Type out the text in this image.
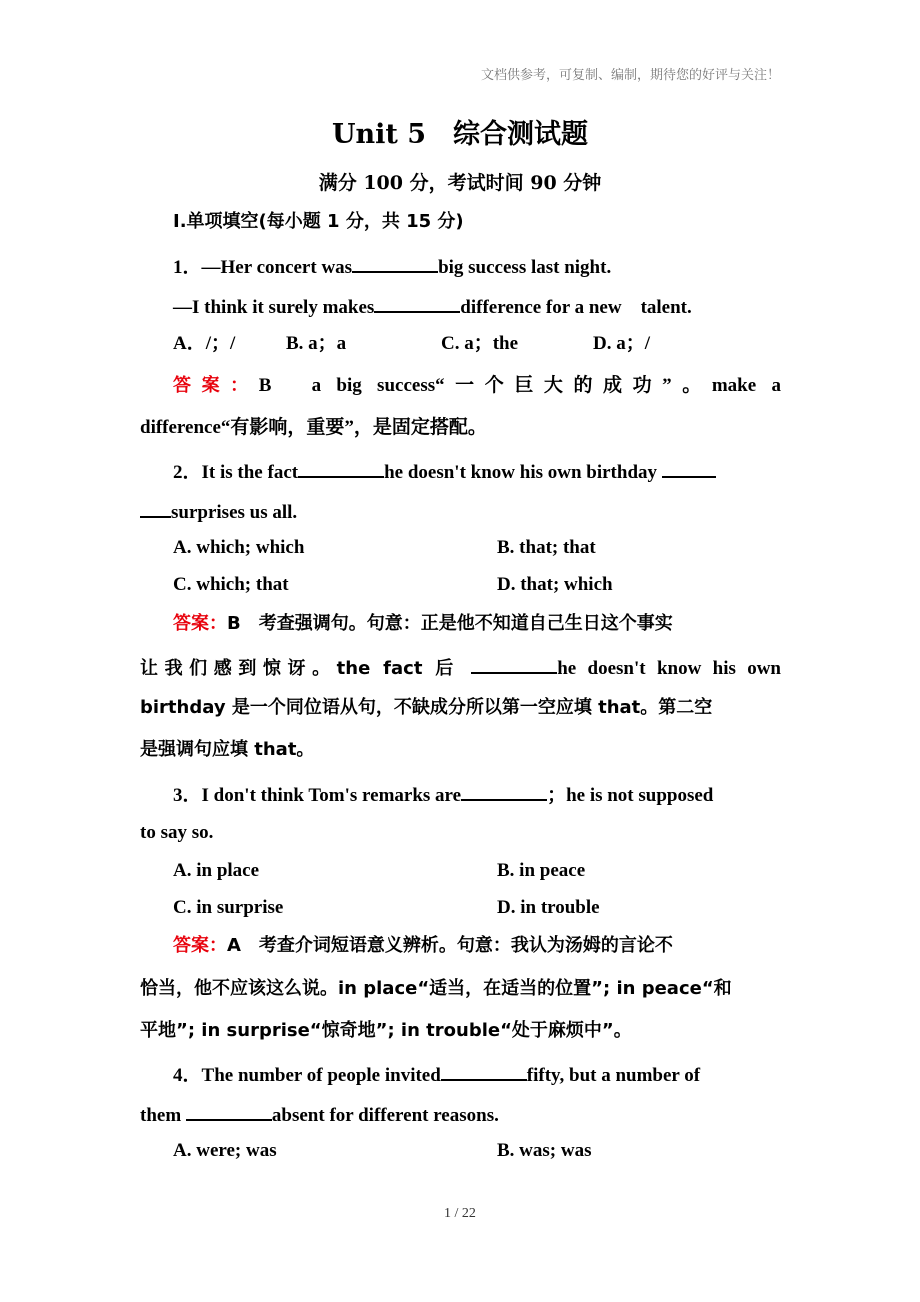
文档供参考，可复制、编制，期待您的好评与关注！
Unit 5　综合测试题
满分 100 分，考试时间 90 分钟
Ⅰ.单项填空(每小题 1 分，共 15 分)
1．—Her concert was	big success last night.
—I think it surely makes	difference for a new　talent.
A．/；/	B. a；a	C. a；the	D. a；/
答案：B　 a big success“一个巨大的成功”。make a
difference“有影响，重要”，是固定搭配。
2．It is the fact	he doesn't know his own birthday
surprises us all.
A. which; which	B. that; that
C. which; that	D. that; which
答案：B　考查强调句。句意：正是他不知道自己生日这个事实
让我们感到惊讶。the fact 后	he doesn't know his own
birthday 是一个同位语从句，不缺成分所以第一空应填 that。第二空
是强调句应填 that。
3．I don't think Tom's remarks are	；he is not supposed
to say so.
A. in place	B. in peace
C. in surprise	D. in trouble
答案：A　考查介词短语意义辨析。句意：我认为汤姆的言论不
恰当，他不应该这么说。in place“适当，在适当的位置”; in peace“和
平地”; in surprise“惊奇地”; in trouble“处于麻烦中”。
4．The number of people invited	fifty, but a number of
them	absent for different reasons.
A. were; was	B. was; was
1 / 22
